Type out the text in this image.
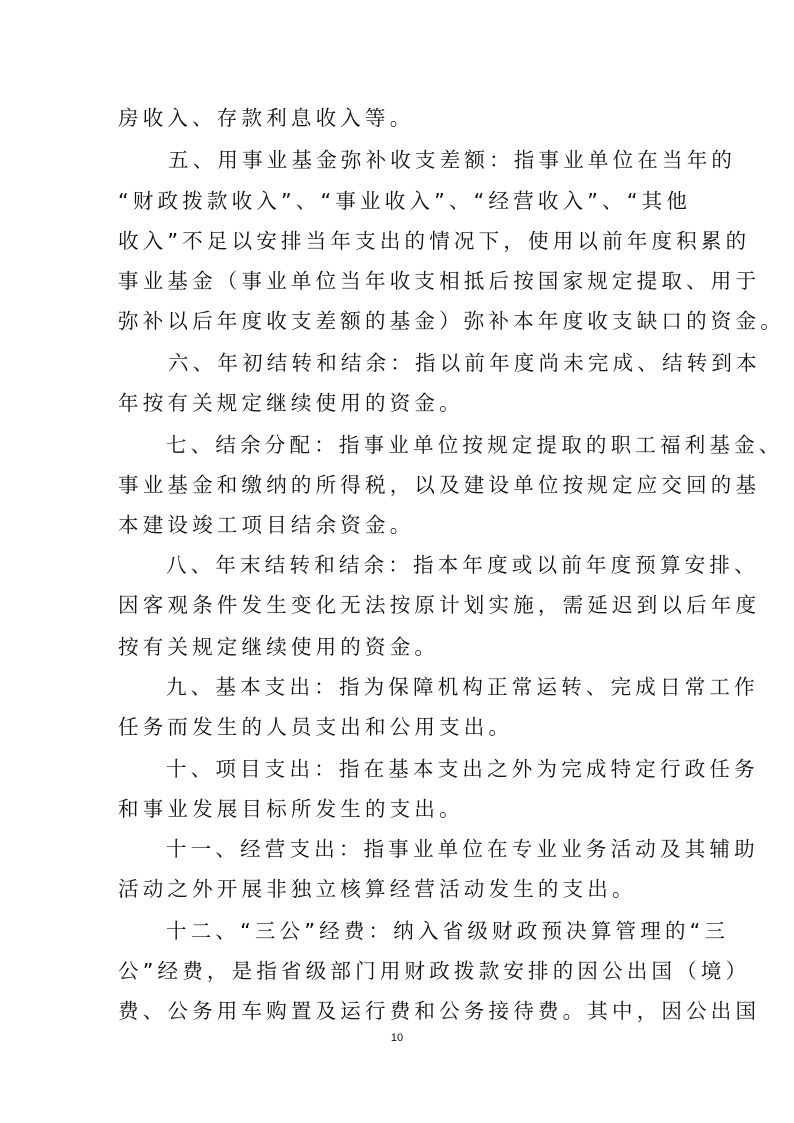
房收入、存款利息收入等。
五、用事业基金弥补收支差额：指事业单位在当年的
“财政拨款收入”、“事业收入”、“经营收入”、“其他
收入”不足以安排当年支出的情况下，使用以前年度积累的
事业基金（事业单位当年收支相抵后按国家规定提取、用于
弥补以后年度收支差额的基金）弥补本年度收支缺口的资金。
六、年初结转和结余：指以前年度尚未完成、结转到本
年按有关规定继续使用的资金。
七、结余分配：指事业单位按规定提取的职工福利基金、
事业基金和缴纳的所得税，以及建设单位按规定应交回的基
本建设竣工项目结余资金。
八、年末结转和结余：指本年度或以前年度预算安排、
因客观条件发生变化无法按原计划实施，需延迟到以后年度
按有关规定继续使用的资金。
九、基本支出：指为保障机构正常运转、完成日常工作
任务而发生的人员支出和公用支出。
十、项目支出：指在基本支出之外为完成特定行政任务
和事业发展目标所发生的支出。
十一、经营支出：指事业单位在专业业务活动及其辅助
活动之外开展非独立核算经营活动发生的支出。
十二、“三公”经费：纳入省级财政预决算管理的“三
公”经费，是指省级部门用财政拨款安排的因公出国（境）
费、公务用车购置及运行费和公务接待费。其中，因公出国
10
